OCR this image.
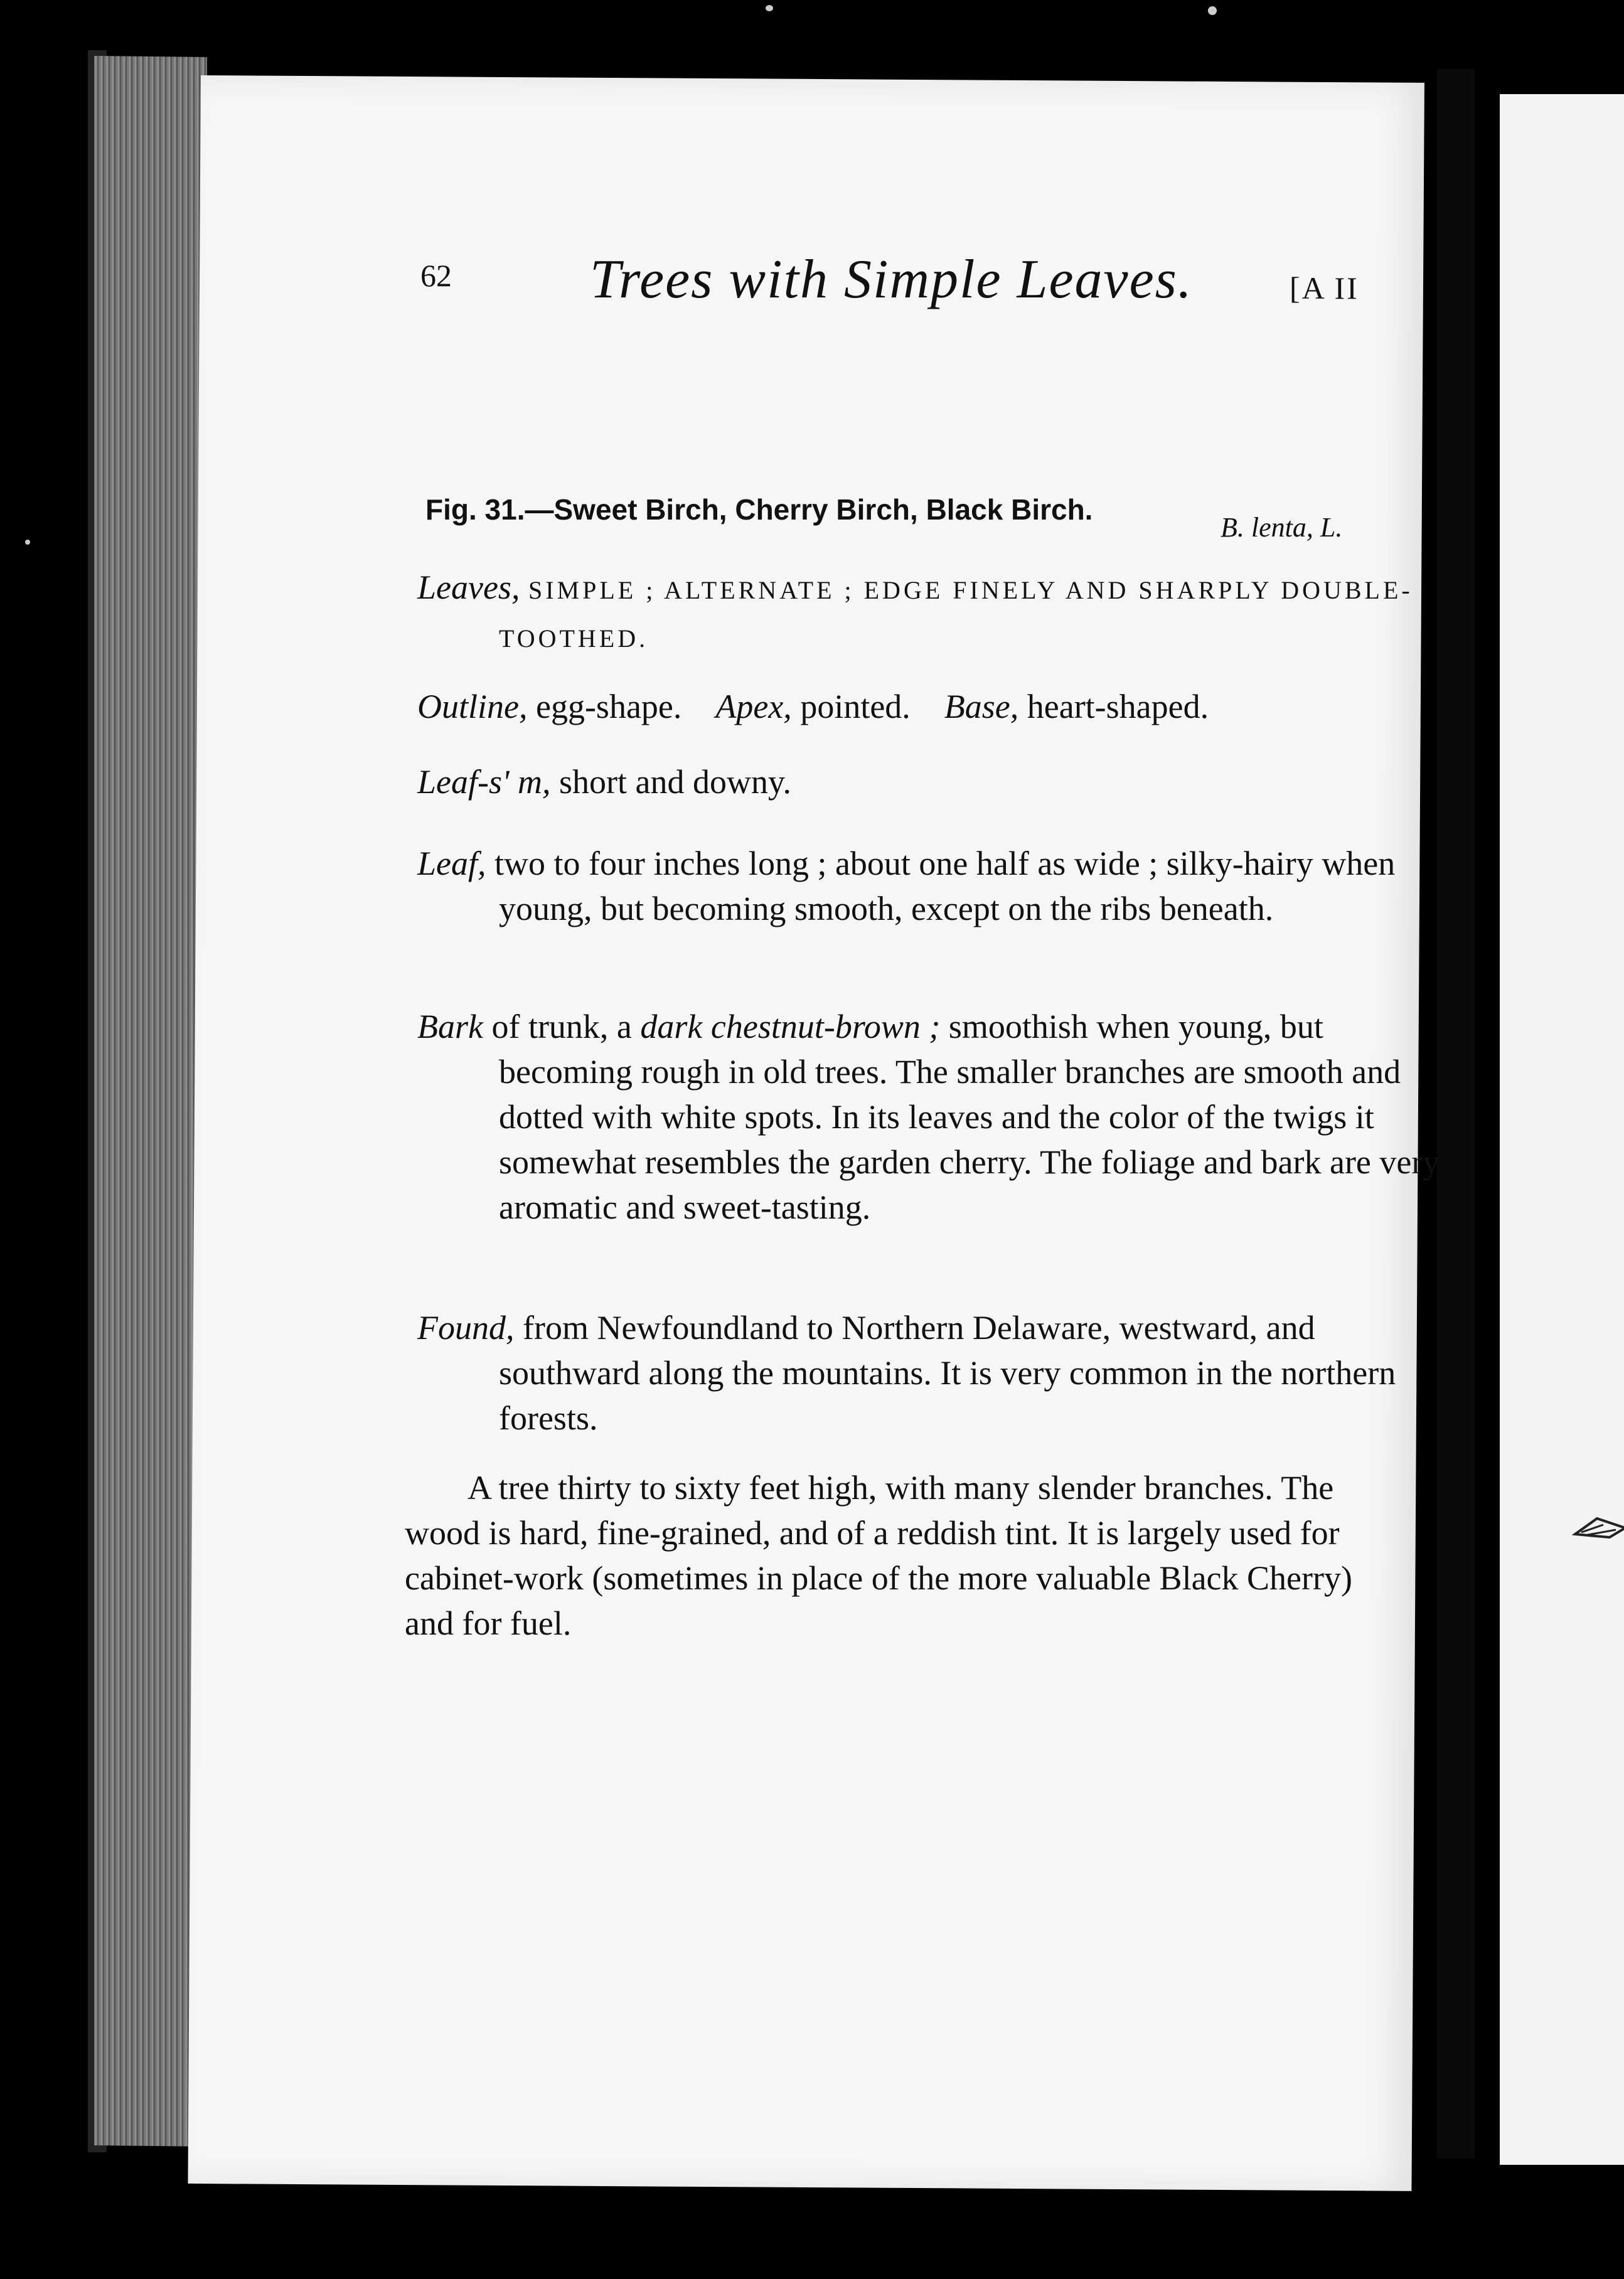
62	Trees with Simple Leaves.	[A II
Fig. 31.—Sweet Birch, Cherry Birch, Black Birch.
B. lenta, L.
Leaves, SIMPLE ; ALTERNATE ; EDGE FINELY AND SHARPLY DOUBLE-TOOTHED.
Outline, egg-shape. Apex, pointed. Base, heart-shaped.
Leaf-s' m, short and downy.
Leaf, two to four inches long ; about one half as wide ; silky-hairy when young, but becoming smooth, except on the ribs beneath.
Bark of trunk, a dark chestnut-brown ; smoothish when young, but becoming rough in old trees. The smaller branches are smooth and dotted with white spots. In its leaves and the color of the twigs it somewhat resembles the garden cherry. The foliage and bark are very aromatic and sweet-tasting.
Found, from Newfoundland to Northern Delaware, westward, and southward along the mountains. It is very common in the northern forests.
A tree thirty to sixty feet high, with many slender branches. The wood is hard, fine-grained, and of a reddish tint. It is largely used for cabinet-work (sometimes in place of the more valuable Black Cherry) and for fuel.
